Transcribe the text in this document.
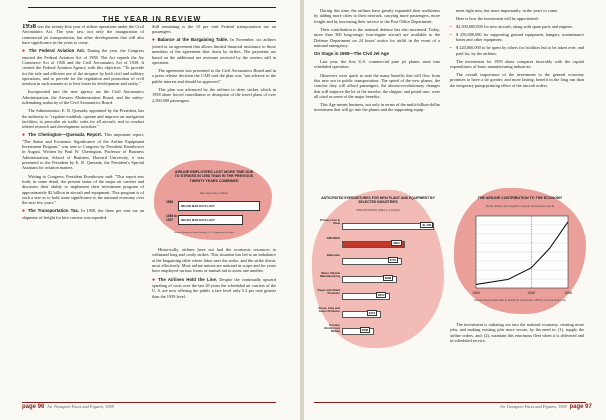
THE YEAR IN REVIEW

1958 was the twenty-first year of airline operations under the Civil Aeronautics Act. The year saw, not only the inauguration of commercial jet transportation, but other developments that will also have significance in the years to come.

● The Federal Aviation Act. During the year, the Congress enacted the Federal Aviation Act of 1958. The Act repeals the Air Commerce Act of 1926 and the Civil Aeronautics Act of 1938. It created the Federal Aviation Agency with this objective: "To provide for the safe and efficient use of the airspace by both civil and military operations, and to provide for the regulation and promotion of civil aviation in such manner as to best foster its development and safety."

Incorporated into the new agency are the Civil Aeronautics Administration, the Airways Modernization Board, and the safety-rulemaking authority of the Civil Aeronautics Board.

The Administrator, E. R. Quesada, appointed by the President, has the authority to "regulate establish, operate and improve air navigation facilities; to prescribe air traffic rules for all aircraft; and to conduct related research and development activities."

● The Cherington—Quesada Report. This important report, "The Status and Economic Significance of the Airline Equipment Investment Program," was sent to Congress by President Eisenhower in August. Written by Paul W. Cherington, Professor of Business Administration, School of Business, Harvard University, it was presented to the President by E. R. Quesada, the President's Special Assistant for aviation matters.

Writing to Congress, President Eisenhower said: "This report sets forth, in some detail, the present status of the major air carriers and discusses their ability to implement their investment program of approximately $2 billion in aircraft and equipment. This program is of such a size as to hold some significance to the national economy over the next few years."

● The Transportation Tax. In 1958, the three per cent tax on shipment of freight for hire carriers was repealed.

Still remaining is the 10 per cent Federal transportation tax on passengers.

● Balance at the Bargaining Table. In November, six airlines joined in an agreement that allows limited financial assistance to those members of the agreement shut down by strikes. The payments are based on the additional net revenues received by the carriers still in operation.

The agreement was presented to the Civil Aeronautics Board and in a press release decision the CAB said the plan was "not adverse to the public interest and should be approved."

This plan was advanced by the airlines to deter strikes which in 1958 alone forced cancellation or disruption of the travel plans of over 2,500,000 passengers.

AIRLINE EMPLOYEES LOST MORE TIME DUE TO STRIKES IN 1958 THAN IN THE PREVIOUS TWENTY YEARS COMBINED
Man days lost in millions
1958
880,000 MAN DAYS LOST
1938 to 1957	696,910 MAN DAYS LOST
Source: Bureau of Labor Statistics, U. S. Department of Labor

Historically, airlines have not had the economic resources to withstand long and costly strikes. This situation has led to an imbalance at the bargaining table where labor uses the strike, and the strike threat, most effectively. Most airline unions are national in scope and for years have employed various forms of mutual aid to assist one another.

● The Airlines Hold the Line. Despite the continually upward spiraling of costs over the last 20 years the scheduled air carriers of the U. S. are now offering the public a fare level only 5.2 per cent greater than the 1939 level.

page 96 Air Transport Facts and Figures, 1959

During this time, the airlines have greatly expanded their usefulness by adding more cities to their network, carrying more passengers, more freight and by increasing their service to the Post Office Department.

Their contribution to the national defense has also increased. Today, more than 300 long-range, four-engine aircraft are available to the Defense Department on 24 hours' notice for airlift in the event of a national emergency.

On Stage in 1958—The Civil Jet Age

Last year, the first U.S. commercial pure jet planes went into scheduled operation.

Observers were quick to note the many benefits that will flow from this new era in public transportation. The speed of the new planes, the comfort they will afford passengers, the almost-revolutionary changes that will improve the lot of the traveler, the shipper, and postal user, were all cited as some of the major benefits.

This Age means business, not only in terms of the multi-billion-dollar investment that will go into the planes and the supporting equip-

ANTICIPATED EXPENDITURES FOR NEW PLANT AND EQUIPMENT BY SELECTED INDUSTRIES
1959 ESTIMATES (Millions of Dollars)
Primary Iron & Steel	$1,180
AIRLINES
$800
Railroads
$753
Motor Vehicle Manufacturing	$688
Paper and Allied Products	$600
Stone, Clay and Glass Products	$479
Primary Nonferrous Metals	$388

ment right now, but more importantly, in the years to come.

Here is how the investment will be apportioned:

• $2,500,000,000 for new aircraft, along with spare parts and engines.
• $ 250,000,000 for supporting ground equipment, hangars, maintenance bases and other equipment.
• $ 220,000,000 to be spent by others for facilities but to be taken over, and paid for, by the airlines.

The investment for 1959 alone compares favorably with the capital expenditures of basic manufacturing industries.

The overall importance of the investment to the general economy promises to have a far greater, and more lasting, benefit in the long run than the temporary pump-priming effect of the aircraft orders.

THE AIRLINE CONTRIBUTION TO THE ECONOMY
By the airlines, their suppliers of goods and services (per $)
1950	1955	1958
Total spending increases after jet aircraft first ordered (Dec. 1955) by the trunk carriers only

The investment is radiating out into the national economy, creating more jobs, and making existing jobs more secure, by the need to; (1), supply the airline orders, and; (2), maintain this enormous fleet when it is delivered and in scheduled service.

Air Transport Facts and Figures, 1959 page 97
